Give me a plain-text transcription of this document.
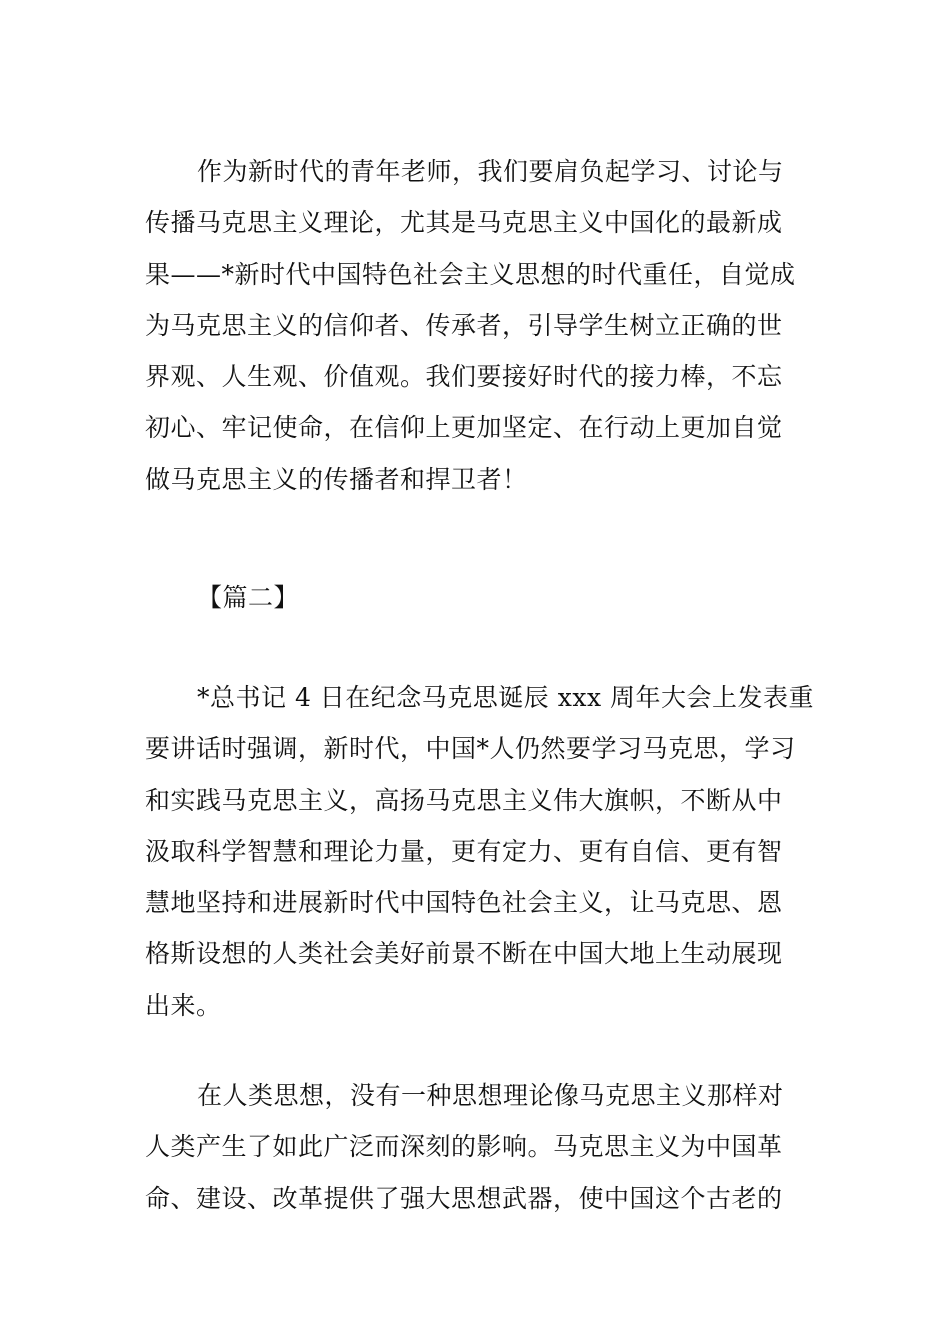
作为新时代的青年老师，我们要肩负起学习、讨论与
传播马克思主义理论，尤其是马克思主义中国化的最新成
果——*新时代中国特色社会主义思想的时代重任，自觉成
为马克思主义的信仰者、传承者，引导学生树立正确的世
界观、人生观、价值观。我们要接好时代的接力棒，不忘
初心、牢记使命，在信仰上更加坚定、在行动上更加自觉
做马克思主义的传播者和捍卫者！
【篇二】
*总书记 4 日在纪念马克思诞辰 xxx 周年大会上发表重
要讲话时强调，新时代，中国*人仍然要学习马克思，学习
和实践马克思主义，高扬马克思主义伟大旗帜，不断从中
汲取科学智慧和理论力量，更有定力、更有自信、更有智
慧地坚持和进展新时代中国特色社会主义，让马克思、恩
格斯设想的人类社会美好前景不断在中国大地上生动展现
出来。
在人类思想，没有一种思想理论像马克思主义那样对
人类产生了如此广泛而深刻的影响。马克思主义为中国革
命、建设、改革提供了强大思想武器，使中国这个古老的
